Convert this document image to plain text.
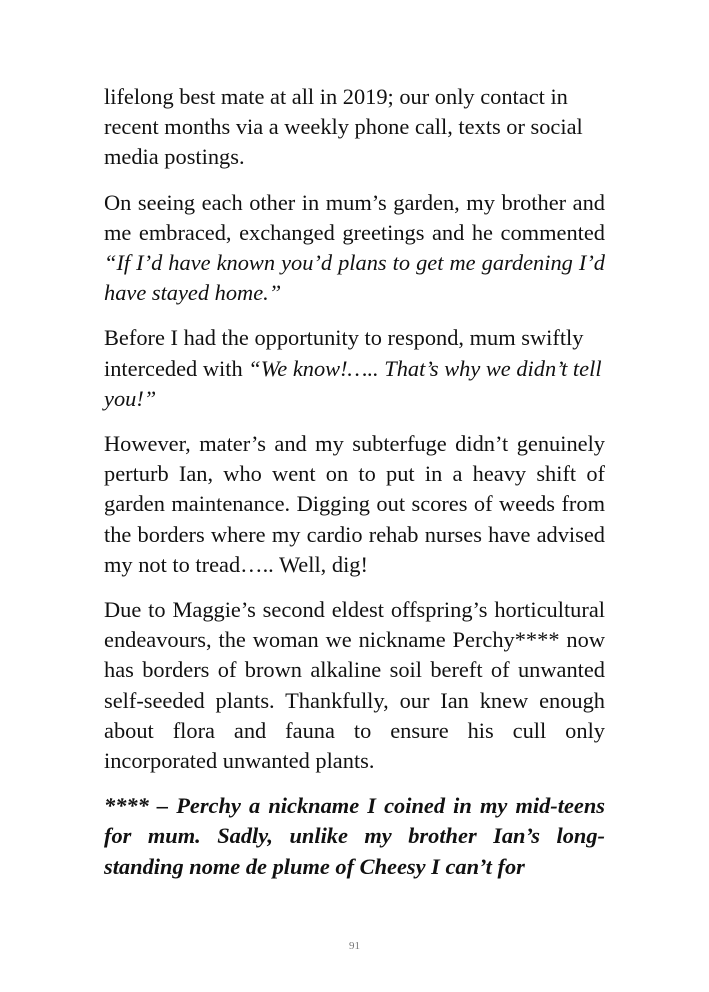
lifelong best mate at all in 2019; our only contact in recent months via a weekly phone call, texts or social media postings.

On seeing each other in mum’s garden, my brother and me embraced, exchanged greetings and he commented “If I’d have known you’d plans to get me gardening I’d have stayed home.”

Before I had the opportunity to respond, mum swiftly interceded with “We know!….. That’s why we didn’t tell you!”

However, mater’s and my subterfuge didn’t genuinely perturb Ian, who went on to put in a heavy shift of garden maintenance. Digging out scores of weeds from the borders where my cardio rehab nurses have advised my not to tread….. Well, dig!

Due to Maggie’s second eldest offspring’s horticultural endeavours, the woman we nickname Perchy**** now has borders of brown alkaline soil bereft of unwanted self-seeded plants. Thankfully, our Ian knew enough about flora and fauna to ensure his cull only incorporated unwanted plants.

**** – Perchy a nickname I coined in my mid-teens for mum. Sadly, unlike my brother Ian’s long-standing nome de plume of Cheesy I can’t for

91
